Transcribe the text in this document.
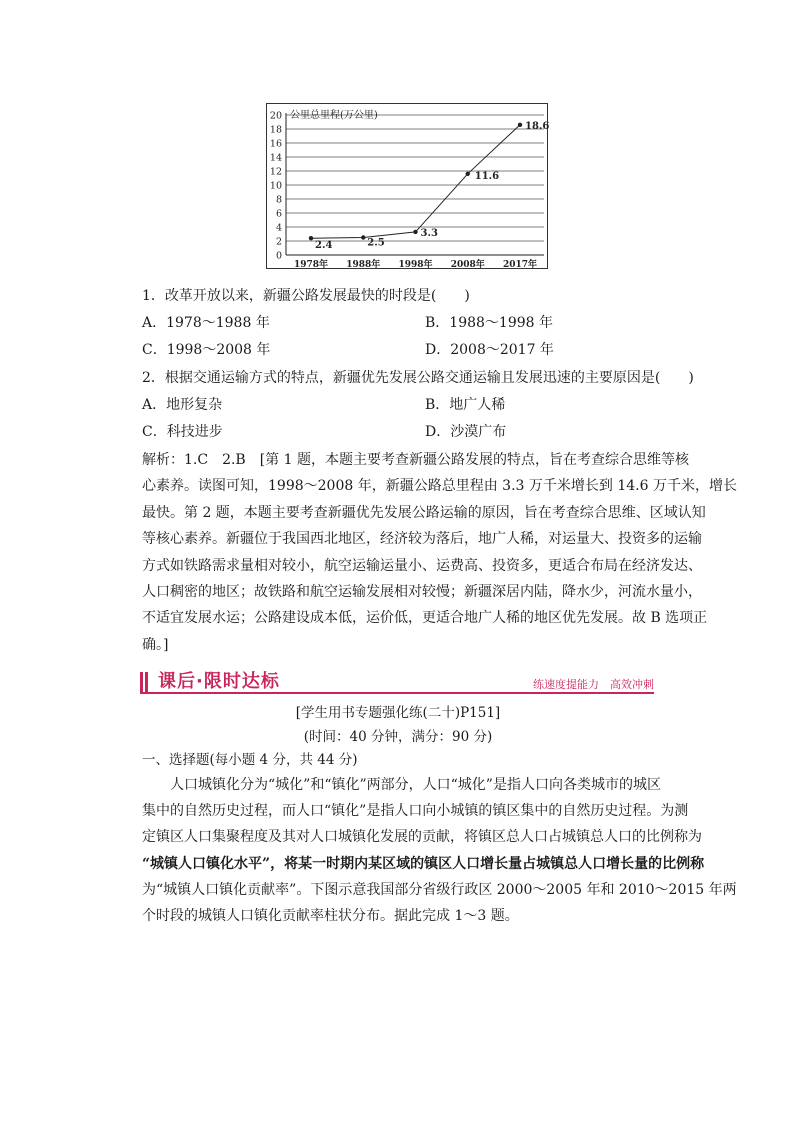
0
2
4
6
8
10
12
14
16
18
20 公里总里程(万公里)
1978年 1988年 1998年 2008年 2017年
2.4	2.5
3.3
11.6
18.6
1．改革开放以来，新疆公路发展最快的时段是(　　)
A．1978～1988 年	B．1988～1998 年
C．1998～2008 年	D．2008～2017 年
2．根据交通运输方式的特点，新疆优先发展公路交通运输且发展迅速的主要原因是(　　)
A．地形复杂	B．地广人稀
C．科技进步	D．沙漠广布
解析：1.C　2.B　[第 1 题，本题主要考查新疆公路发展的特点，旨在考查综合思维等核
心素养。读图可知，1998～2008 年，新疆公路总里程由 3.3 万千米增长到 14.6 万千米，增长
最快。第 2 题，本题主要考查新疆优先发展公路运输的原因，旨在考查综合思维、区域认知
等核心素养。新疆位于我国西北地区，经济较为落后，地广人稀，对运量大、投资多的运输
方式如铁路需求量相对较小，航空运输运量小、运费高、投资多，更适合布局在经济发达、
人口稠密的地区；故铁路和航空运输发展相对较慢；新疆深居内陆，降水少，河流水量小，
不适宜发展水运；公路建设成本低，运价低，更适合地广人稀的地区优先发展。故 B 选项正
确。]
课后·限时达标	练速度提能力　高效冲刺
[学生用书专题强化练(二十)P151]
(时间：40 分钟，满分：90 分)
一、选择题(每小题 4 分，共 44 分)
人口城镇化分为“城化”和“镇化”两部分，人口“城化”是指人口向各类城市的城区
集中的自然历史过程，而人口“镇化”是指人口向小城镇的镇区集中的自然历史过程。为测
定镇区人口集聚程度及其对人口城镇化发展的贡献，将镇区总人口占城镇总人口的比例称为
“城镇人口镇化水平”，将某一时期内某区域的镇区人口增长量占城镇总人口增长量的比例称
为“城镇人口镇化贡献率”。下图示意我国部分省级行政区 2000～2005 年和 2010～2015 年两
个时段的城镇人口镇化贡献率柱状分布。据此完成 1～3 题。
